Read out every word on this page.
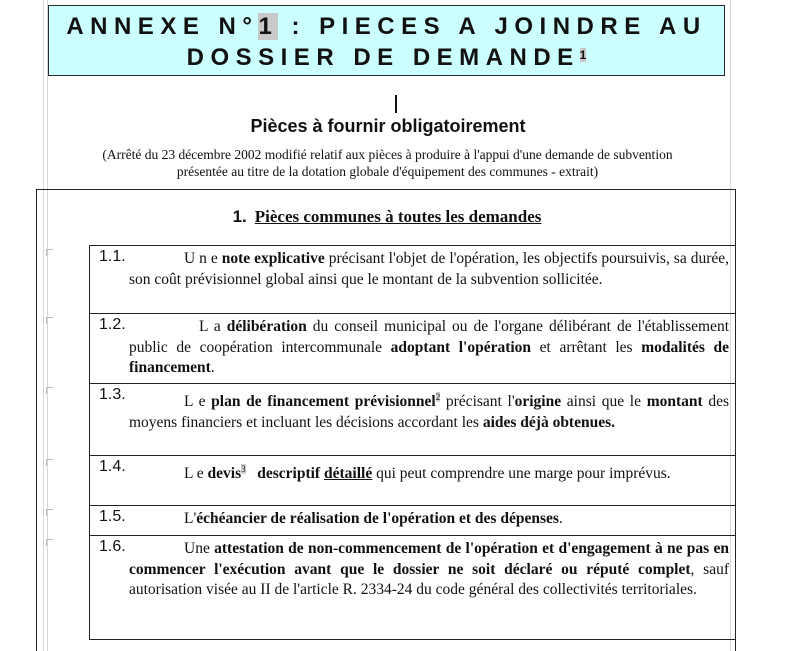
ANNEXE N°1 : PIECES A JOINDRE AU
DOSSIER DE DEMANDE$^1$
Pièces à fournir obligatoirement
(Arrêté du 23 décembre 2002 modifié relatif aux pièces à produire à l'appui d'une demande de subvention
présentée au titre de la dotation globale d'équipement des communes - extrait)
1. Pièces communes à toutes les demandes
1.1.	U n e note explicative précisant l'objet de l'opération, les objectifs poursuivis, sa durée, son coût prévisionnel global ainsi que le montant de la subvention sollicitée.
1.2.	L a délibération du conseil municipal ou de l'organe délibérant de l'établissement public de coopération intercommunale adoptant l'opération et arrêtant les modalités de financement.
1.3.	L e plan de financement prévisionnel$^2$ précisant l'origine ainsi que le montant des moyens financiers et incluant les décisions accordant les aides déjà obtenues.
1.4.	L e devis$^3$ descriptif détaillé qui peut comprendre une marge pour imprévus.
1.5.	L'échéancier de réalisation de l'opération et des dépenses.
1.6.	Une attestation de non-commencement de l'opération et d'engagement à ne pas en commencer l'exécution avant que le dossier ne soit déclaré ou réputé complet, sauf autorisation visée au II de l'article R. 2334-24 du code général des collectivités territoriales.
